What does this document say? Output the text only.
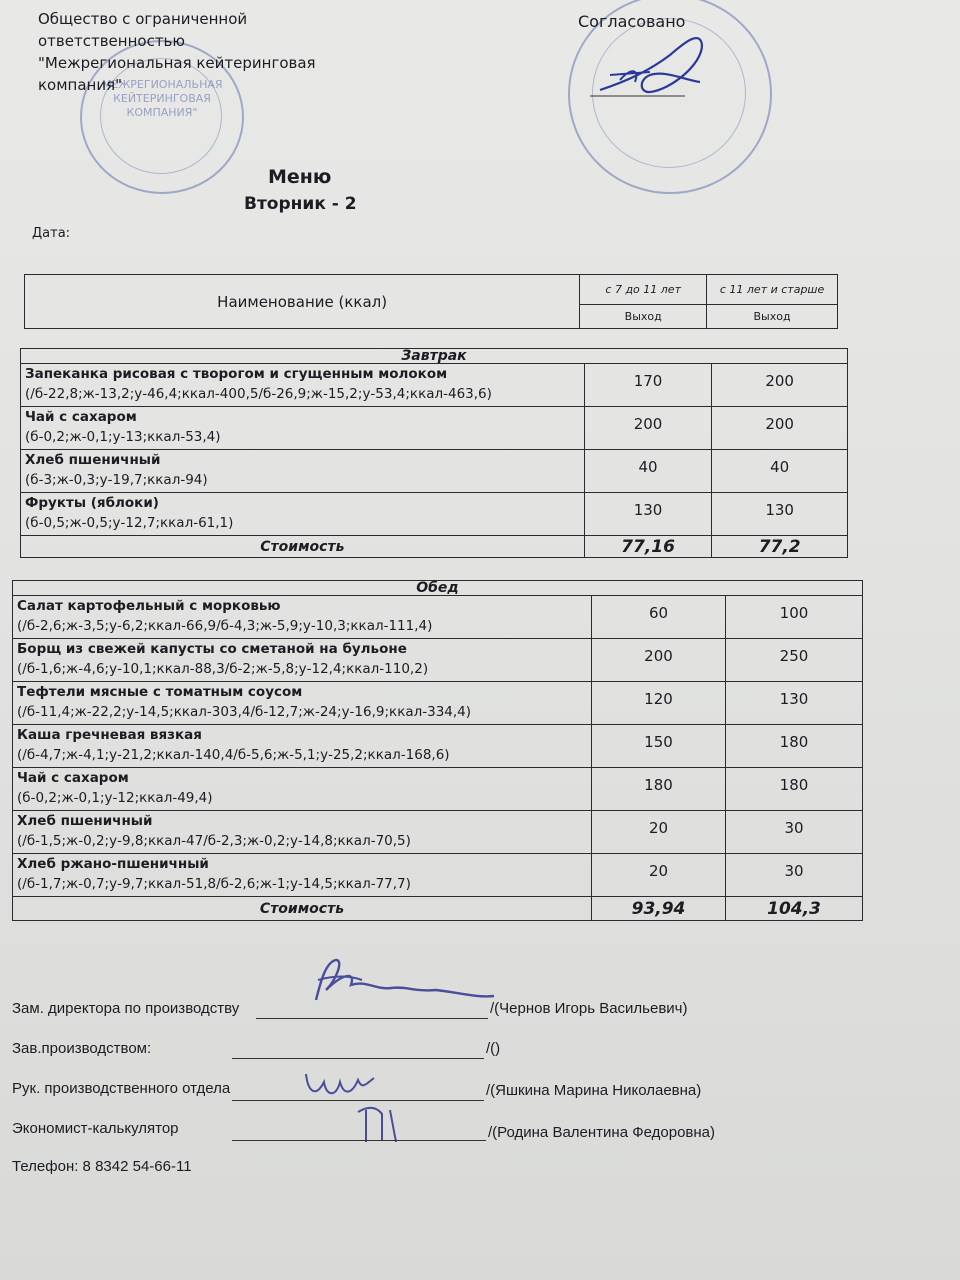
МЕЖРЕГИОНАЛЬНАЯ
КЕЙТЕРИНГОВАЯ
КОМПАНИЯ"
Общество с ограниченной
ответственностью
"Межрегиональная кейтеринговая
компания"
Согласовано
Меню
Вторник - 2
Дата:
Наименование (ккал)	с 7 до 11 лет	с 11 лет и старше
	Выход	Выход
Завтрак		

Запеканка рисовая с творогом и сгущенным молоком
(/б-22,8;ж-13,2;у-46,4;ккал-400,5/б-26,9;ж-15,2;у-53,4;ккал-463,6)	170	200

Чай с сахаром
(б-0,2;ж-0,1;у-13;ккал-53,4)	200	200

Хлеб пшеничный
(б-3;ж-0,3;у-19,7;ккал-94)	40	40

Фрукты (яблоки)
(б-0,5;ж-0,5;у-12,7;ккал-61,1)	130	130
Стоимость	77,16	77,2
Обед		

Салат картофельный с морковью
(/б-2,6;ж-3,5;у-6,2;ккал-66,9/б-4,3;ж-5,9;у-10,3;ккал-111,4)	60	100

Борщ из свежей капусты со сметаной на бульоне
(/б-1,6;ж-4,6;у-10,1;ккал-88,3/б-2;ж-5,8;у-12,4;ккал-110,2)	200	250

Тефтели мясные с томатным соусом
(/б-11,4;ж-22,2;у-14,5;ккал-303,4/б-12,7;ж-24;у-16,9;ккал-334,4)	120	130

Каша гречневая вязкая
(/б-4,7;ж-4,1;у-21,2;ккал-140,4/б-5,6;ж-5,1;у-25,2;ккал-168,6)	150	180

Чай с сахаром
(б-0,2;ж-0,1;у-12;ккал-49,4)	180	180

Хлеб пшеничный
(/б-1,5;ж-0,2;у-9,8;ккал-47/б-2,3;ж-0,2;у-14,8;ккал-70,5)	20	30

Хлеб ржано-пшеничный
(/б-1,7;ж-0,7;у-9,7;ккал-51,8/б-2,6;ж-1;у-14,5;ккал-77,7)	20	30
Стоимость	93,94	104,3
Зам. директора по производству	/(Чернов Игорь Васильевич)
Зав.производством:	/()
Рук. производственного отдела	/(Яшкина Марина Николаевна)
Экономист-калькулятор	/(Родина Валентина Федоровна)
Телефон: 8 8342 54-66-11
